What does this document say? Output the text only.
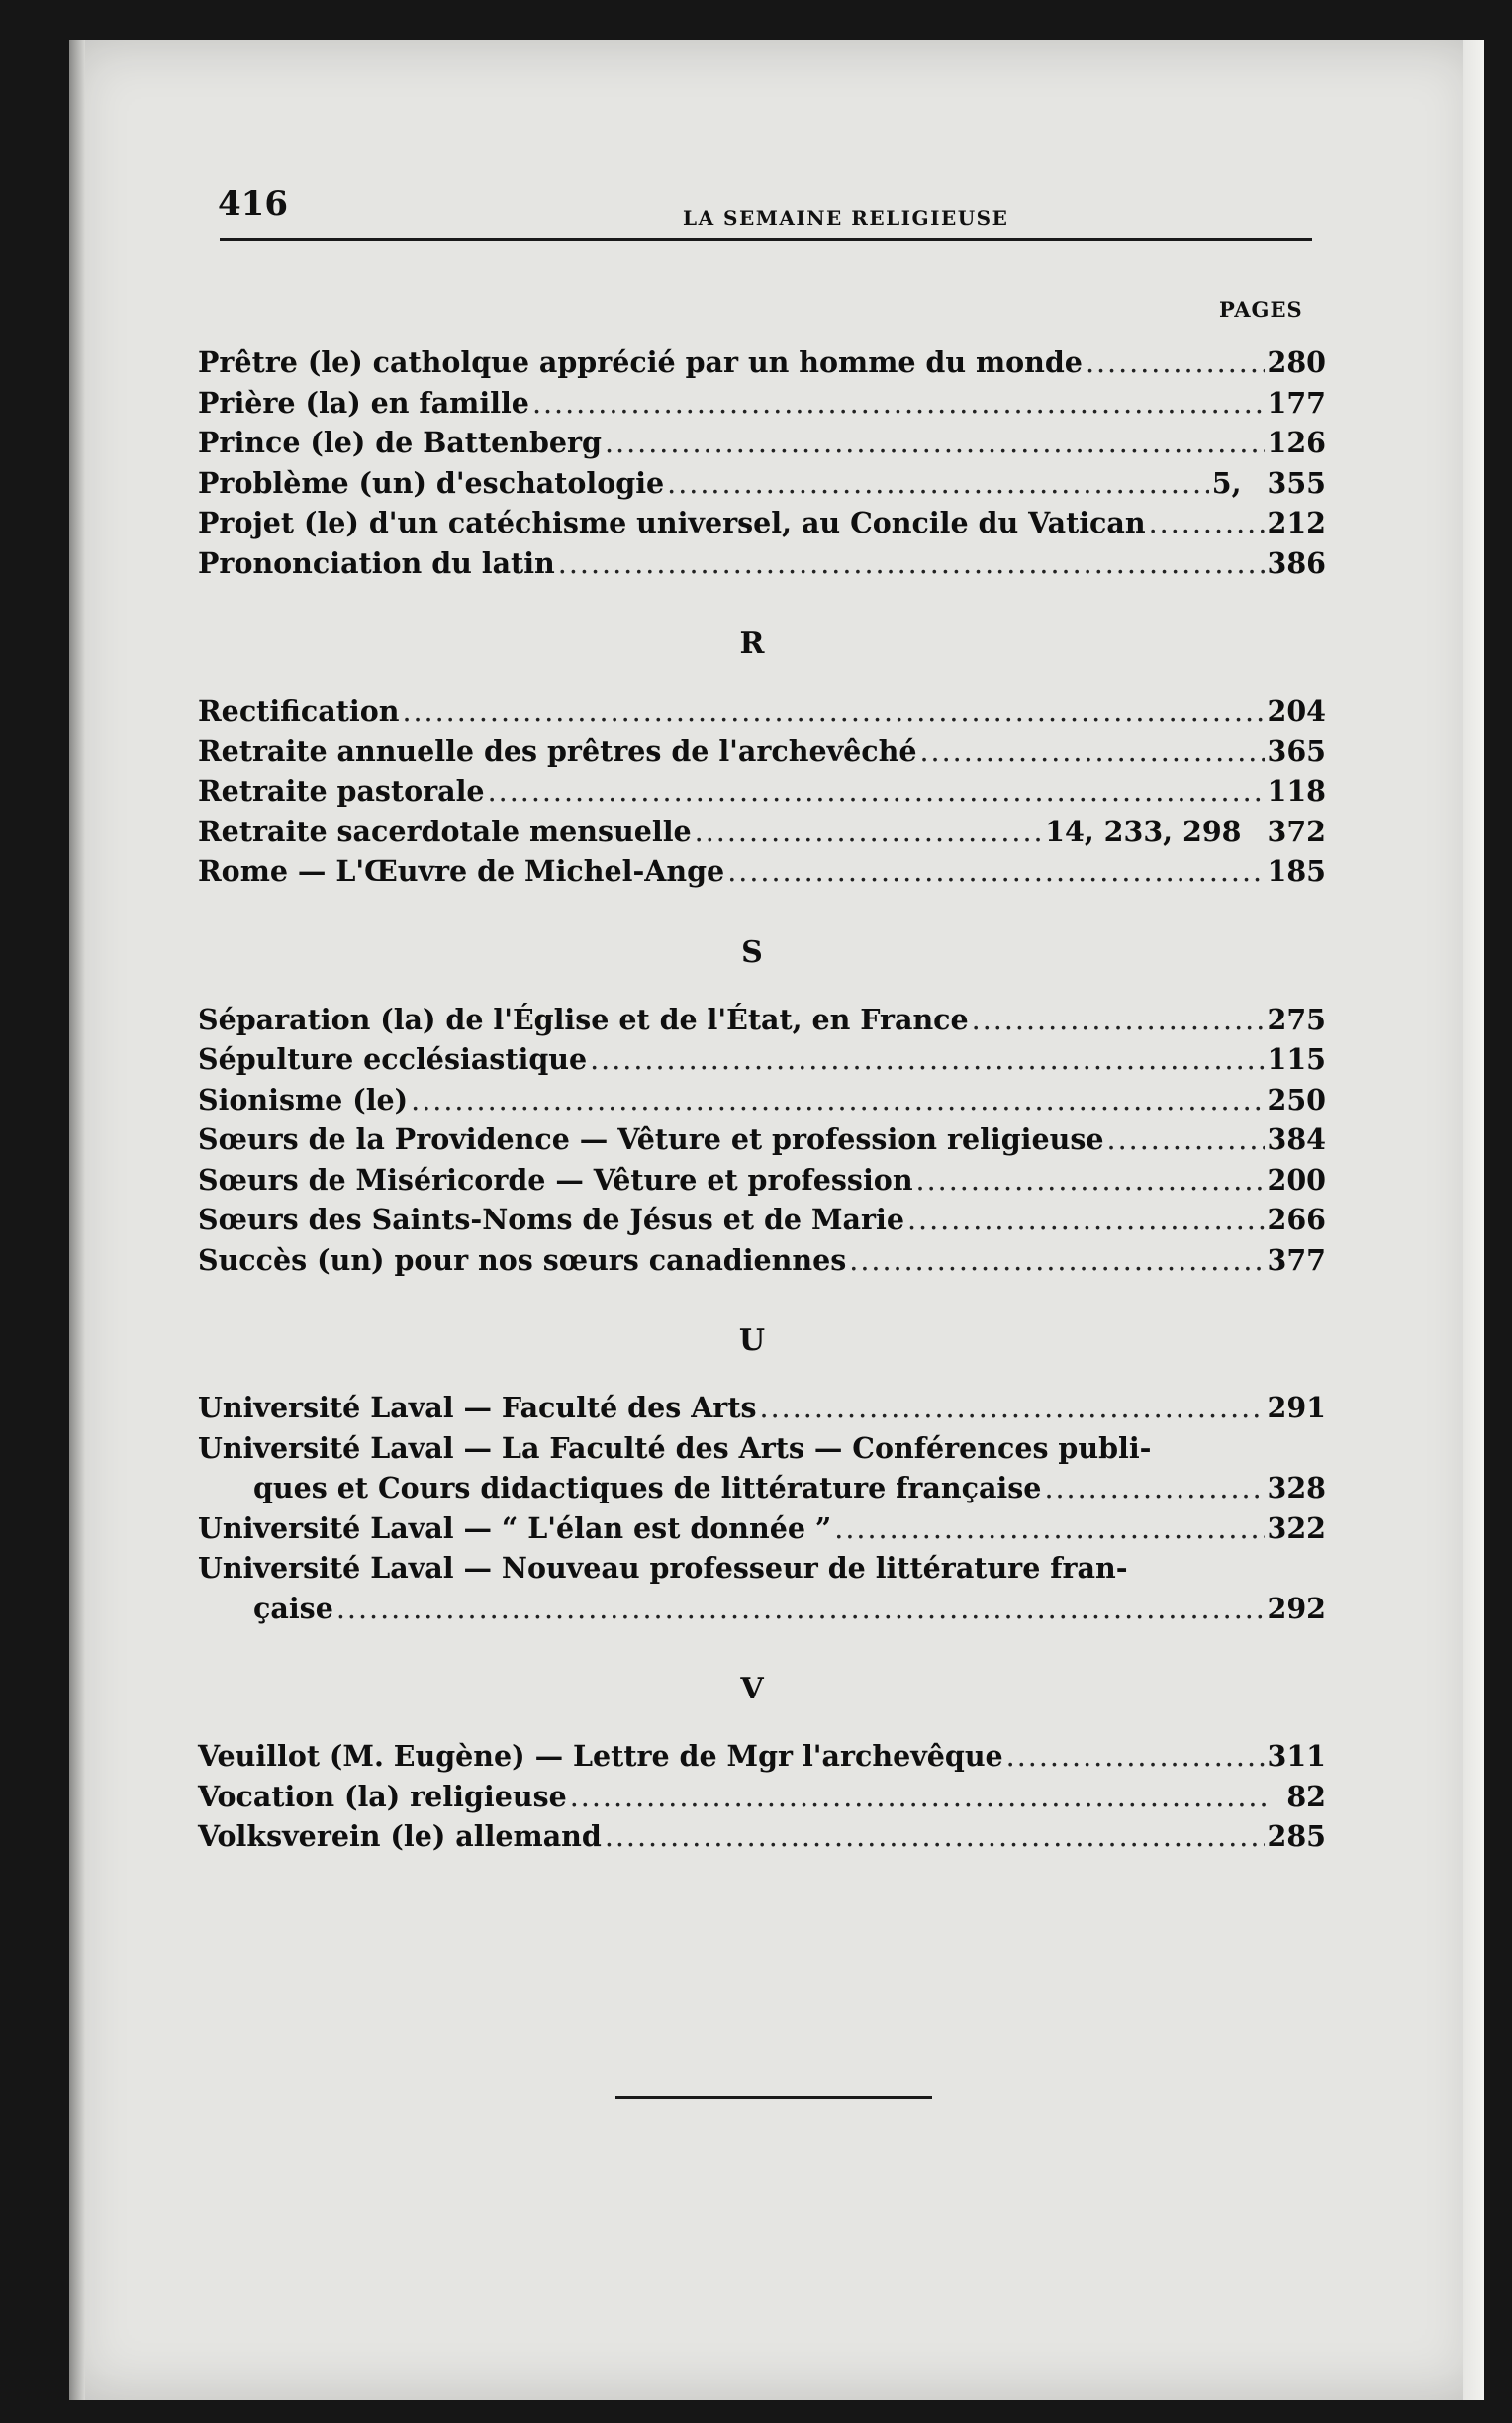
416	LA SEMAINE RELIGIEUSE
PAGES
Prêtre (le) catholque apprécié par un homme du monde .....	280
Prière (la) en famille .....	177
Prince (le) de Battenberg .....	126
Problème (un) d'eschatologie .....	5, 355
Projet (le) d'un catéchisme universel, au Concile du Vatican .....	212
Prononciation du latin .....	386
R
Rectification .....	204
Retraite annuelle des prêtres de l'archevêché .....	365
Retraite pastorale .....	118
Retraite sacerdotale mensuelle .....	14, 233, 298 372
Rome — L'Œuvre de Michel-Ange .....	185
S
Séparation (la) de l'Église et de l'État, en France .....	275
Sépulture ecclésiastique .....	115
Sionisme (le) .....	250
Sœurs de la Providence — Vêture et profession religieuse .....	384
Sœurs de Miséricorde — Vêture et profession .....	200
Sœurs des Saints-Noms de Jésus et de Marie .....	266
Succès (un) pour nos sœurs canadiennes .....	377
U
Université Laval — Faculté des Arts .....	291
Université Laval — La Faculté des Arts — Conférences publi-
ques et Cours didactiques de littérature française .....	328
Université Laval — “ L'élan est donnée ” .....	322
Université Laval — Nouveau professeur de littérature fran-
çaise .....	292
V
Veuillot (M. Eugène) — Lettre de Mgr l'archevêque .....	311
Vocation (la) religieuse .....	82
Volksverein (le) allemand .....	285
